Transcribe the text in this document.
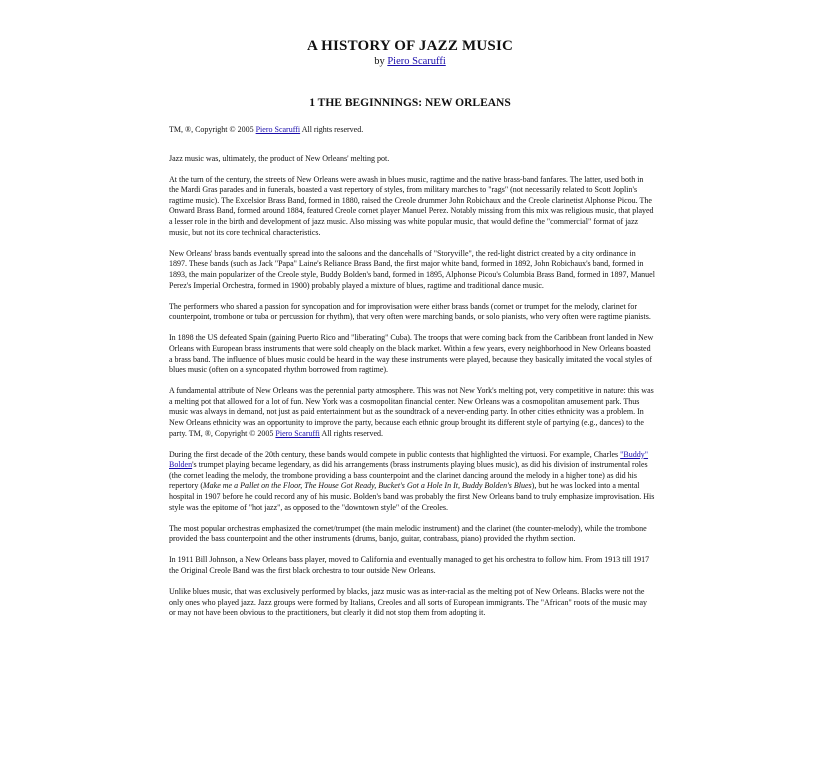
A HISTORY OF JAZZ MUSIC
by Piero Scaruffi
1 THE BEGINNINGS: NEW ORLEANS

TM, ®, Copyright © 2005 Piero Scaruffi All rights reserved.

Jazz music was, ultimately, the product of New Orleans' melting pot.

At the turn of the century, the streets of New Orleans were awash in blues music, ragtime and the native brass-band fanfares. The latter, used both in the Mardi Gras parades and in funerals, boasted a vast repertory of styles, from military marches to "rags" (not necessarily related to Scott Joplin's ragtime music). The Excelsior Brass Band, formed in 1880, raised the Creole drummer John Robichaux and the Creole clarinetist Alphonse Picou. The Onward Brass Band, formed around 1884, featured Creole cornet player Manuel Perez. Notably missing from this mix was religious music, that played a lesser role in the birth and development of jazz music. Also missing was white popular music, that would define the "commercial" format of jazz music, but not its core technical characteristics.

New Orleans' brass bands eventually spread into the saloons and the dancehalls of "Storyville", the red-light district created by a city ordinance in 1897. These bands (such as Jack "Papa" Laine's Reliance Brass Band, the first major white band, formed in 1892, John Robichaux's band, formed in 1893, the main popularizer of the Creole style, Buddy Bolden's band, formed in 1895, Alphonse Picou's Columbia Brass Band, formed in 1897, Manuel Perez's Imperial Orchestra, formed in 1900) probably played a mixture of blues, ragtime and traditional dance music.

The performers who shared a passion for syncopation and for improvisation were either brass bands (cornet or trumpet for the melody, clarinet for counterpoint, trombone or tuba or percussion for rhythm), that very often were marching bands, or solo pianists, who very often were ragtime pianists.

In 1898 the US defeated Spain (gaining Puerto Rico and "liberating" Cuba). The troops that were coming back from the Caribbean front landed in New Orleans with European brass instruments that were sold cheaply on the black market. Within a few years, every neighborhood in New Orleans boasted a brass band. The influence of blues music could be heard in the way these instruments were played, because they basically imitated the vocal styles of blues music (often on a syncopated rhythm borrowed from ragtime).

A fundamental attribute of New Orleans was the perennial party atmosphere. This was not New York's melting pot, very competitive in nature: this was a melting pot that allowed for a lot of fun. New York was a cosmopolitan financial center. New Orleans was a cosmopolitan amusement park. Thus music was always in demand, not just as paid entertainment but as the soundtrack of a never-ending party. In other cities ethnicity was a problem. In New Orleans ethnicity was an opportunity to improve the party, because each ethnic group brought its different style of partying (e.g., dances) to the party. TM, ®, Copyright © 2005 Piero Scaruffi All rights reserved.

During the first decade of the 20th century, these bands would compete in public contests that highlighted the virtuosi. For example, Charles "Buddy" Bolden's trumpet playing became legendary, as did his arrangements (brass instruments playing blues music), as did his division of instrumental roles (the cornet leading the melody, the trombone providing a bass counterpoint and the clarinet dancing around the melody in a higher tone) as did his repertory (Make me a Pallet on the Floor, The House Got Ready, Bucket's Got a Hole In It, Buddy Bolden's Blues), but he was locked into a mental hospital in 1907 before he could record any of his music. Bolden's band was probably the first New Orleans band to truly emphasize improvisation. His style was the epitome of "hot jazz", as opposed to the "downtown style" of the Creoles.

The most popular orchestras emphasized the cornet/trumpet (the main melodic instrument) and the clarinet (the counter-melody), while the trombone provided the bass counterpoint and the other instruments (drums, banjo, guitar, contrabass, piano) provided the rhythm section.

In 1911 Bill Johnson, a New Orleans bass player, moved to California and eventually managed to get his orchestra to follow him. From 1913 till 1917 the Original Creole Band was the first black orchestra to tour outside New Orleans.

Unlike blues music, that was exclusively performed by blacks, jazz music was as inter-racial as the melting pot of New Orleans. Blacks were not the only ones who played jazz. Jazz groups were formed by Italians, Creoles and all sorts of European immigrants. The "African" roots of the music may or may not have been obvious to the practitioners, but clearly it did not stop them from adopting it.
